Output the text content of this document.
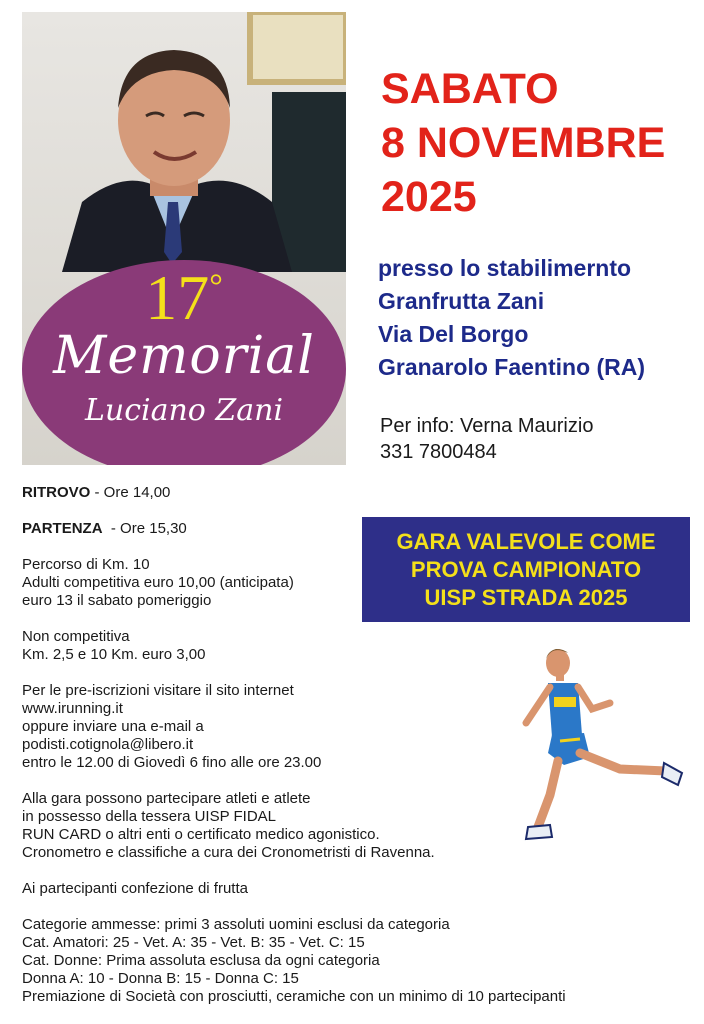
17°
Memorial
Luciano Zani
SABATO
8 NOVEMBRE
2025
presso lo stabilimernto
Granfrutta Zani
Via Del Borgo
Granarolo Faentino (RA)
Per info: Verna Maurizio
331 7800484
GARA VALEVOLE COME
PROVA CAMPIONATO
UISP STRADA 2025
RITROVO - Ore 14,00
PARTENZA  - Ore 15,30
Percorso di Km. 10
Adulti competitiva euro 10,00 (anticipata)
euro 13 il sabato pomeriggio
Non competitiva
Km. 2,5 e 10 Km. euro 3,00
Per le pre-iscrizioni visitare il sito internet
www.irunning.it
oppure inviare una e-mail a
podisti.cotignola@libero.it
entro le 12.00 di Giovedì 6 fino alle ore 23.00
Alla gara possono partecipare atleti e atlete
in possesso della tessera UISP FIDAL
RUN CARD o altri enti o certificato medico agonistico.
Cronometro e classifiche a cura dei Cronometristi di Ravenna.
Ai partecipanti confezione di frutta
Categorie ammesse: primi 3 assoluti uomini esclusi da categoria
Cat. Amatori: 25 - Vet. A: 35 - Vet. B: 35 - Vet. C: 15
Cat. Donne: Prima assoluta esclusa da ogni categoria
Donna A: 10 - Donna B: 15 - Donna C: 15
Premiazione di Società con prosciutti, ceramiche con un minimo di 10 partecipanti
